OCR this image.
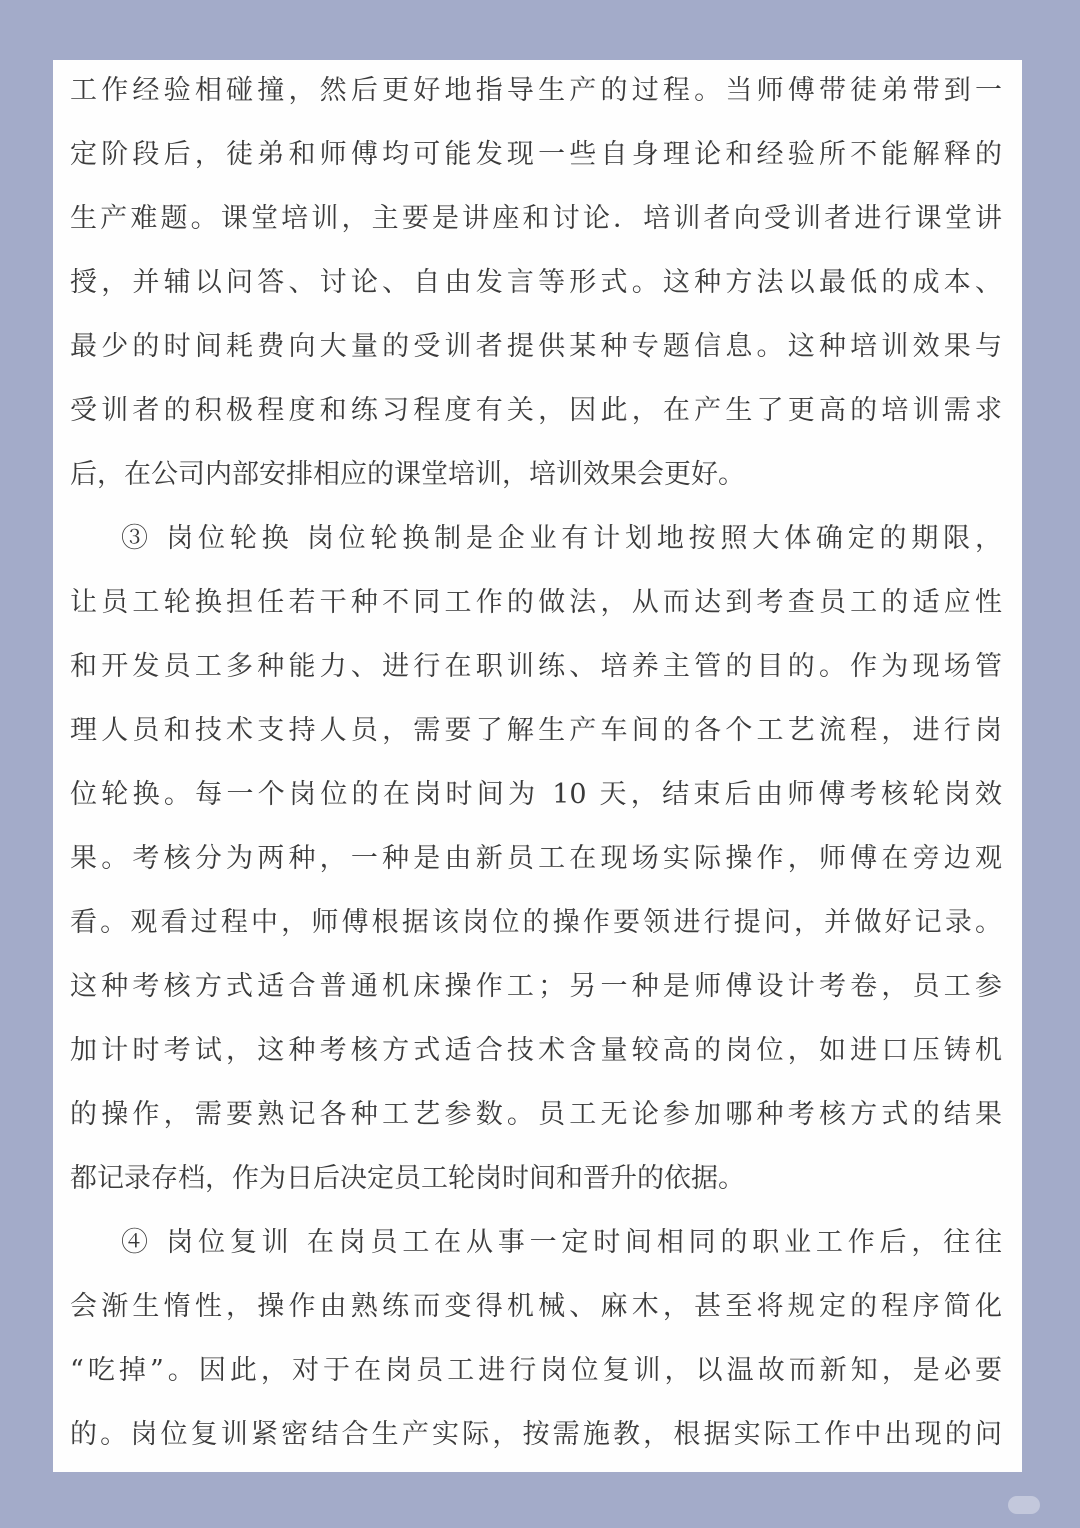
工作经验相碰撞，然后更好地指导生产的过程。当师傅带徒弟带到一
定阶段后，徒弟和师傅均可能发现一些自身理论和经验所不能解释的
生产难题。课堂培训，主要是讲座和讨论．培训者向受训者进行课堂讲
授，并辅以问答、讨论、自由发言等形式。这种方法以最低的成本、
最少的时间耗费向大量的受训者提供某种专题信息。这种培训效果与
受训者的积极程度和练习程度有关，因此，在产生了更高的培训需求
后，在公司内部安排相应的课堂培训，培训效果会更好。
③ 岗位轮换 岗位轮换制是企业有计划地按照大体确定的期限，
让员工轮换担任若干种不同工作的做法，从而达到考查员工的适应性
和开发员工多种能力、进行在职训练、培养主管的目的。作为现场管
理人员和技术支持人员，需要了解生产车间的各个工艺流程，进行岗
位轮换。每一个岗位的在岗时间为 10 天，结束后由师傅考核轮岗效
果。考核分为两种，一种是由新员工在现场实际操作，师傅在旁边观
看。观看过程中，师傅根据该岗位的操作要领进行提问，并做好记录。
这种考核方式适合普通机床操作工；另一种是师傅设计考卷，员工参
加计时考试，这种考核方式适合技术含量较高的岗位，如进口压铸机
的操作，需要熟记各种工艺参数。员工无论参加哪种考核方式的结果
都记录存档，作为日后决定员工轮岗时间和晋升的依据。
④ 岗位复训 在岗员工在从事一定时间相同的职业工作后，往往
会渐生惰性，操作由熟练而变得机械、麻木，甚至将规定的程序简化
“吃掉”。因此，对于在岗员工进行岗位复训，以温故而新知，是必要
的。岗位复训紧密结合生产实际，按需施教，根据实际工作中出现的问
